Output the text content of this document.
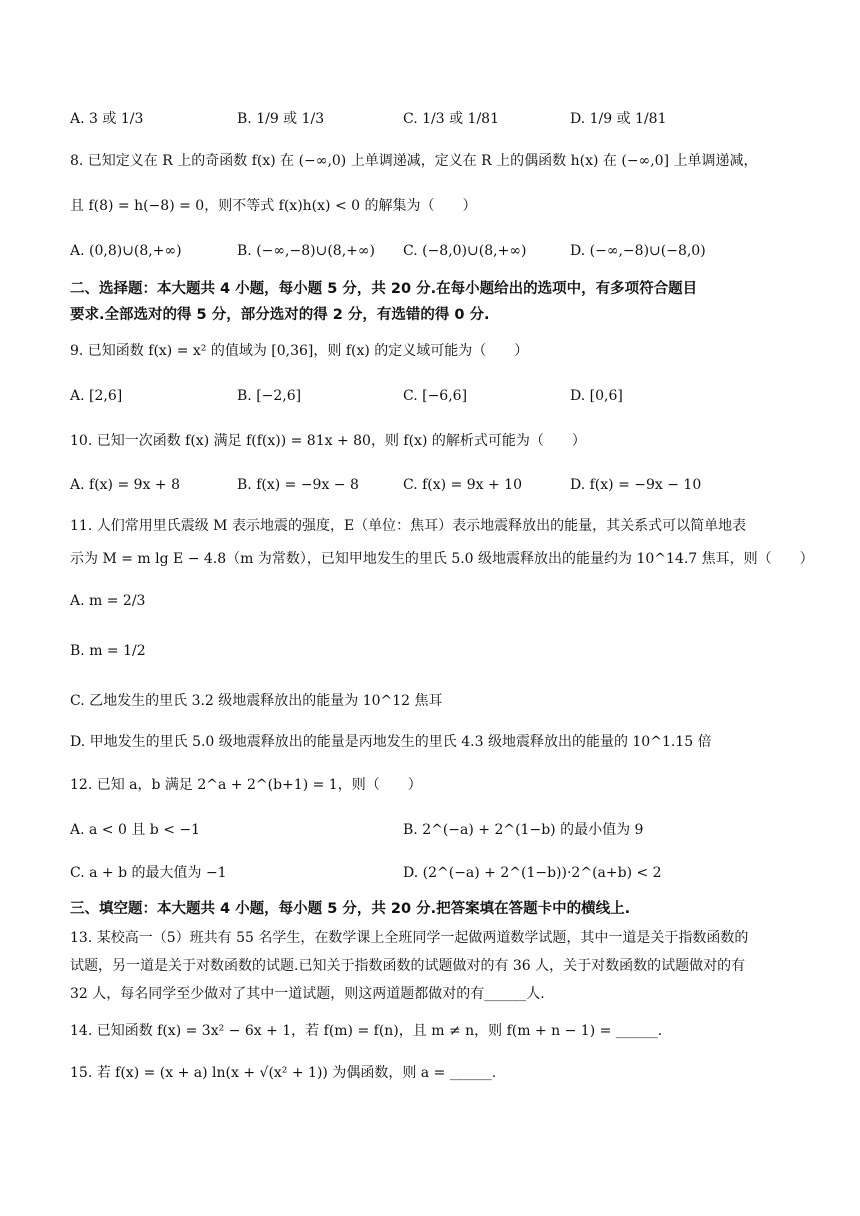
A. 3 或 1/3	B. 1/9 或 1/3	C. 1/3 或 1/81	D. 1/9 或 1/81
8. 已知定义在 R 上的奇函数 f(x) 在 (−∞,0) 上单调递减，定义在 R 上的偶函数 h(x) 在 (−∞,0] 上单调递减，
且 f(8) = h(−8) = 0，则不等式 f(x)h(x) < 0 的解集为（　　）
A. (0,8)∪(8,+∞)	B. (−∞,−8)∪(8,+∞) C. (−8,0)∪(8,+∞)	D. (−∞,−8)∪(−8,0)
二、选择题：本大题共 4 小题，每小题 5 分，共 20 分.在每小题给出的选项中，有多项符合题目
要求.全部选对的得 5 分，部分选对的得 2 分，有选错的得 0 分.
9. 已知函数 f(x) = x² 的值域为 [0,36]，则 f(x) 的定义域可能为（　　）
A. [2,6]	B. [−2,6]	C. [−6,6]	D. [0,6]
10. 已知一次函数 f(x) 满足 f(f(x)) = 81x + 80，则 f(x) 的解析式可能为（　　）
A. f(x) = 9x + 8	B. f(x) = −9x − 8	C. f(x) = 9x + 10	D. f(x) = −9x − 10
11. 人们常用里氏震级 M 表示地震的强度，E（单位：焦耳）表示地震释放出的能量，其关系式可以简单地表
示为 M = m lg E − 4.8（m 为常数），已知甲地发生的里氏 5.0 级地震释放出的能量约为 10^14.7 焦耳，则（　　）
A. m = 2/3
B. m = 1/2
C. 乙地发生的里氏 3.2 级地震释放出的能量为 10^12 焦耳
D. 甲地发生的里氏 5.0 级地震释放出的能量是丙地发生的里氏 4.3 级地震释放出的能量的 10^1.15 倍
12. 已知 a，b 满足 2^a + 2^(b+1) = 1，则（　　）
A. a < 0 且 b < −1	B. 2^(−a) + 2^(1−b) 的最小值为 9
C. a + b 的最大值为 −1	D. (2^(−a) + 2^(1−b))·2^(a+b) < 2
三、填空题：本大题共 4 小题，每小题 5 分，共 20 分.把答案填在答题卡中的横线上.
13. 某校高一（5）班共有 55 名学生，在数学课上全班同学一起做两道数学试题，其中一道是关于指数函数的
试题，另一道是关于对数函数的试题.已知关于指数函数的试题做对的有 36 人，关于对数函数的试题做对的有
32 人，每名同学至少做对了其中一道试题，则这两道题都做对的有______人.
14. 已知函数 f(x) = 3x² − 6x + 1，若 f(m) = f(n)，且 m ≠ n，则 f(m + n − 1) = ______.
15. 若 f(x) = (x + a) ln(x + √(x² + 1)) 为偶函数，则 a = ______.
